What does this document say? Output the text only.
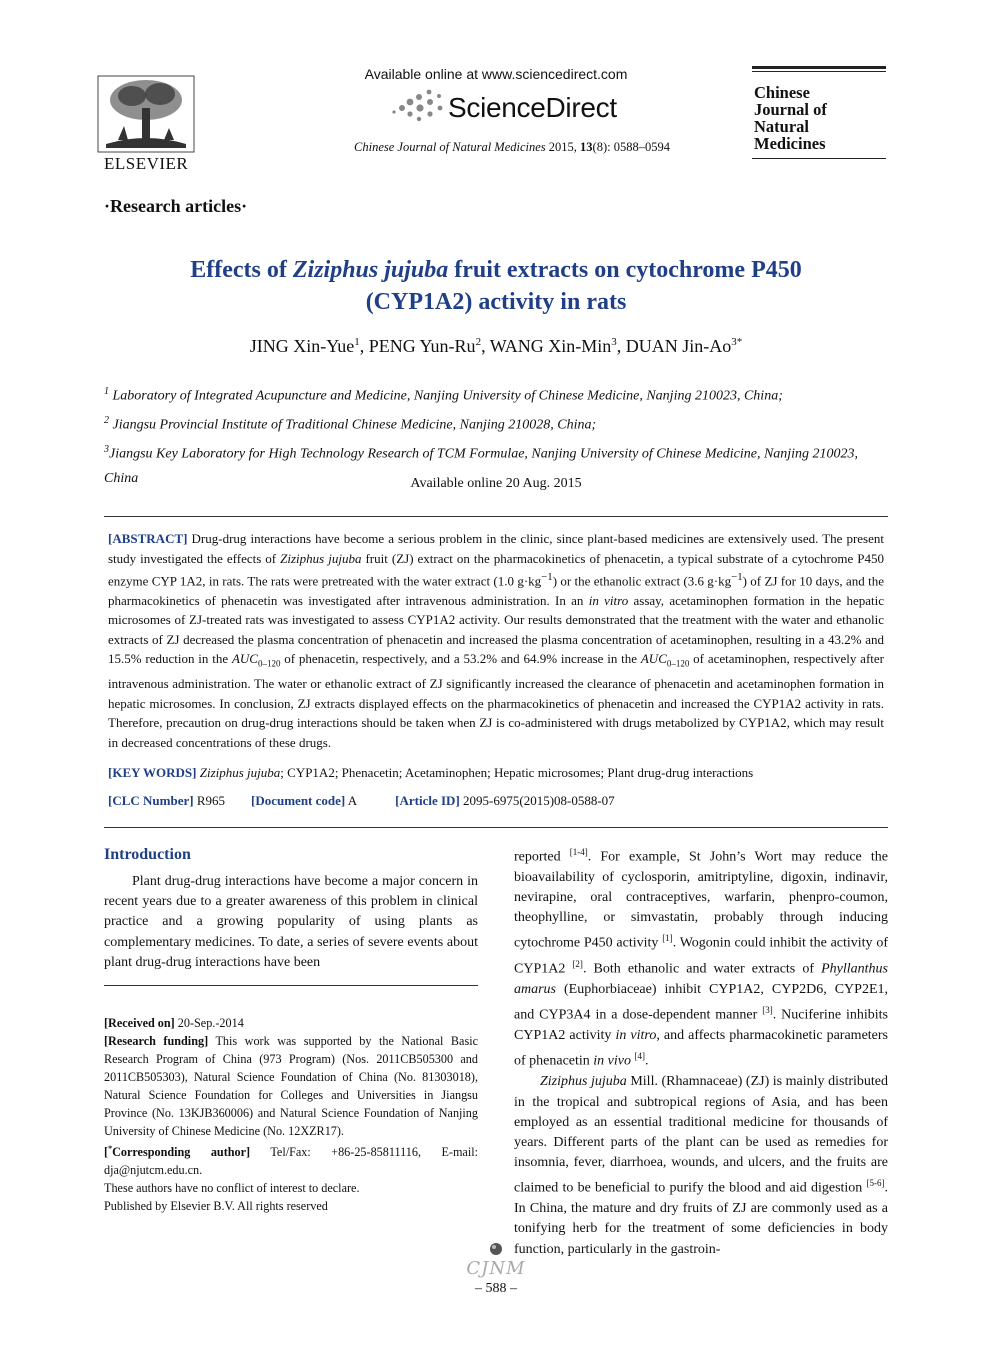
ELSEVIER
Available online at www.sciencedirect.com
ScienceDirect
Chinese Journal of Natural Medicines 2015, 13(8): 0588–0594
Chinese
Journal of
Natural
Medicines
·Research articles·
Effects of Ziziphus jujuba fruit extracts on cytochrome P450
(CYP1A2) activity in rats
JING Xin-Yue$^1$, PENG Yun-Ru$^2$, WANG Xin-Min$^3$, DUAN Jin-$Ao^{3*}$
$^1$ Laboratory of Integrated Acupuncture and Medicine, Nanjing University of Chinese Medicine, Nanjing 210023, China;
$^2$ Jiangsu Provincial Institute of Traditional Chinese Medicine, Nanjing 210028, China;
$^3$Jiangsu Key Laboratory for High Technology Research of TCM Formulae, Nanjing University of Chinese Medicine, Nanjing 210023, China	Available online 20 Aug. 2015
[ABSTRACT] Drug-drug interactions have become a serious problem in the clinic, since plant-based medicines are extensively used. The present study investigated the effects of Ziziphus jujuba fruit (ZJ) extract on the pharmacokinetics of phenacetin, a typical substrate of a cytochrome P450 enzyme CYP 1A2, in rats. The rats were pretreated with the water extract (1.0 $g\cdot kg^{-1}$) or the ethanolic extract (3.6 $g\cdot kg^{-1}$) of ZJ for 10 days, and the pharmacokinetics of phenacetin was investigated after intravenous administration. In an in vitro assay, acetaminophen formation in the hepatic microsomes of ZJ-treated rats was investigated to assess CYP1A2 activity. Our results demonstrated that the treatment with the water and ethanolic extracts of ZJ decreased the plasma concentration of phenacetin and increased the plasma concentration of acetaminophen, resulting in a 43.2% and 15.5% reduction in the $AUC_{0-120}$ of phenacetin, respectively, and a 53.2% and 64.9% increase in the $AUC_{0-120}$ of acetaminophen, respectively after intravenous administration. The water or ethanolic extract of ZJ significantly increased the clearance of phenacetin and acetaminophen formation in hepatic microsomes. In conclusion, ZJ extracts displayed effects on the pharmacokinetics of phenacetin and increased the CYP1A2 activity in rats. Therefore, precaution on drug-drug interactions should be taken when ZJ is co-administered with drugs metabolized by CYP1A2, which may result in decreased concentrations of these drugs.
[KEY WORDS] Ziziphus jujuba; CYP1A2; Phenacetin; Acetaminophen; Hepatic microsomes; Plant drug-drug interactions
[CLC Number] R965 [Document code] A	[Article ID] 2095-6975(2015)08-0588-07
Introduction

Plant drug-drug interactions have become a major concern in recent years due to a greater awareness of this problem in clinical practice and a growing popularity of using plants as complementary medicines. To date, a series of severe events about plant drug-drug interactions have been

[Received on] 20-Sep.-2014

[Research funding] This work was supported by the National Basic Research Program of China (973 Program) (Nos. 2011CB505300 and 2011CB505303), Natural Science Foundation of China (No. 81303018), Natural Science Foundation for Colleges and Universities in Jiangsu Province (No. 13KJB360006) and Natural Science Foundation of Nanjing University of Chinese Medicine (No. 12XZR17).

[*Corresponding author] Tel/Fax: +86-25-85811116, E-mail: dja@njutcm.edu.cn.

These authors have no conflict of interest to declare.

Published by Elsevier B.V. All rights reserved

reported [1-4]. For example, St John’s Wort may reduce the bioavailability of cyclosporin, amitriptyline, digoxin, indinavir, nevirapine, oral contraceptives, warfarin, phenpro-coumon, theophylline, or simvastatin, probably through inducing cytochrome P450 activity [1]. Wogonin could inhibit the activity of CYP1A2 [2]. Both ethanolic and water extracts of Phyllanthus amarus (Euphorbiaceae) inhibit CYP1A2, CYP2D6, CYP2E1, and CYP3A4 in a dose-dependent manner [3]. Nuciferine inhibits CYP1A2 activity in vitro, and affects pharmacokinetic parameters of phenacetin in vivo [4].

Ziziphus jujuba Mill. (Rhamnaceae) (ZJ) is mainly distributed in the tropical and subtropical regions of Asia, and has been employed as an essential traditional medicine for thousands of years. Different parts of the plant can be used as remedies for insomnia, fever, diarrhoea, wounds, and ulcers, and the fruits are claimed to be beneficial to purify the blood and aid digestion [5-6]. In China, the mature and dry fruits of ZJ are commonly used as a tonifying herb for the treatment of some deficiencies in body function, particularly in the gastroin-

CJNM
– 588 –
